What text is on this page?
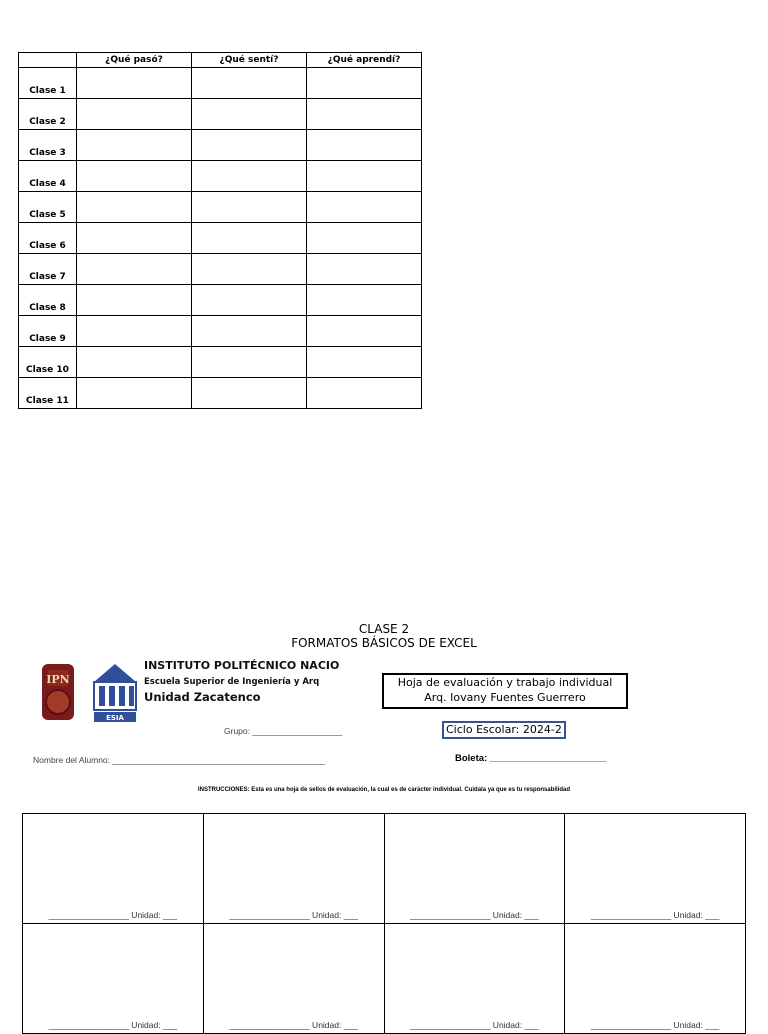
	¿Qué pasó?	¿Qué sentí?	¿Qué aprendí?
Clase 1			
Clase 2			
Clase 3			
Clase 4			
Clase 5			
Clase 6			
Clase 7			
Clase 8			
Clase 9			
Clase 10			
Clase 11			
CLASE 2
FORMATOS BÁSICOS DE EXCEL
IPN
ESIA
INSTITUTO POLITÉCNICO NACIO
Escuela Superior de Ingeniería y Arq
Unidad Zacatenco
Hoja de evaluación y trabajo individual
Arq. Iovany Fuentes Guerrero
Ciclo Escolar: 2024-2
Grupo: ___________________
Nombre del Alumno: _____________________________________________	Boleta: ______________________
INSTRUCCIONES: Esta es una hoja de sellos de evaluación, la cual es de carácter individual. Cuidala ya que es tu responsabilidad
_________________ Unidad: ___	_________________ Unidad: ___	_________________ Unidad: ___	_________________ Unidad: ___
_________________ Unidad: ___	_________________ Unidad: ___	_________________ Unidad: ___	_________________ Unidad: ___
